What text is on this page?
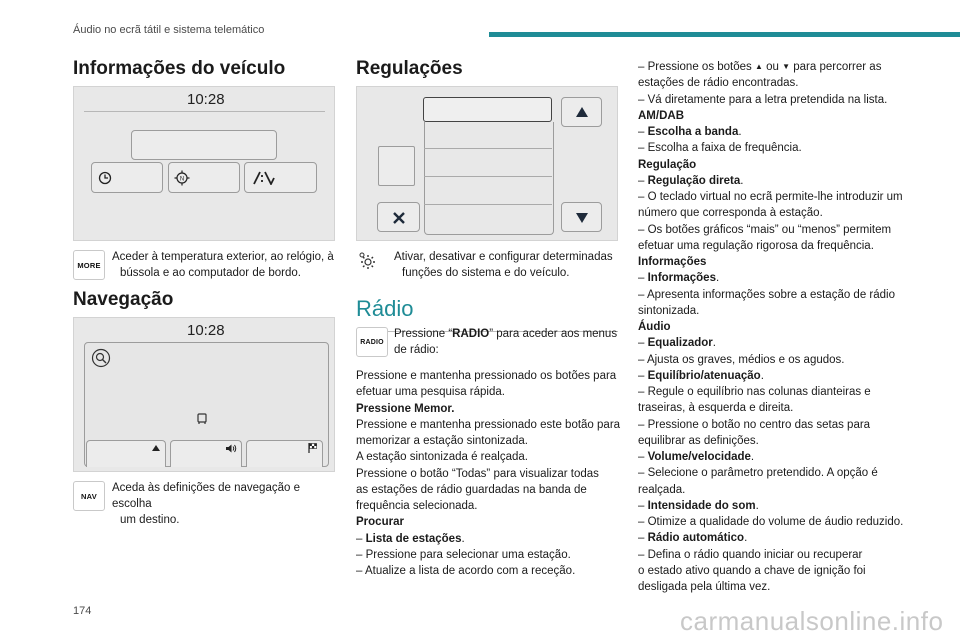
Áudio no ecrã tátil e sistema telemático
Informações do veículo
10:28
N
MORE
Aceder à temperatura exterior, ao relógio, à
bússola e ao computador de bordo.
Navegação
10:28
NAV
Aceda às definições de navegação e escolha
um destino.
Regulações
Ativar, desativar e configurar determinadas
funções do sistema e do veículo.
Rádio
RADIO
Pressione “RADIO” para aceder aos menus
de rádio:
Pressione e mantenha pressionado os botões para
efetuar uma pesquisa rápida.
Pressione Memor.
Pressione e mantenha pressionado este botão para
memorizar a estação sintonizada.
A estação sintonizada é realçada.
Pressione o botão “Todas” para visualizar todas
as estações de rádio guardadas na banda de
frequência selecionada.
Procurar
– Lista de estações.
– Pressione para selecionar uma estação.
– Atualize a lista de acordo com a receção.
– Pressione os botões ▲ ou ▼ para percorrer as
estações de rádio encontradas.
– Vá diretamente para a letra pretendida na lista.
AM/DAB
– Escolha a banda.
– Escolha a faixa de frequência.
Regulação
– Regulação direta.
– O teclado virtual no ecrã permite-lhe introduzir um
número que corresponda à estação.
– Os botões gráficos “mais” ou “menos” permitem
efetuar uma regulação rigorosa da frequência.
Informações
– Informações.
– Apresenta informações sobre a estação de rádio
sintonizada.
Áudio
– Equalizador.
– Ajusta os graves, médios e os agudos.
– Equilíbrio/atenuação.
– Regule o equilíbrio nas colunas dianteiras e
traseiras, à esquerda e direita.
– Pressione o botão no centro das setas para
equilibrar as definições.
– Volume/velocidade.
– Selecione o parâmetro pretendido. A opção é
realçada.
– Intensidade do som.
– Otimize a qualidade do volume de áudio reduzido.
– Rádio automático.
– Defina o rádio quando iniciar ou recuperar
o estado ativo quando a chave de ignição foi
desligada pela última vez.
174	carmanualsonline.info
